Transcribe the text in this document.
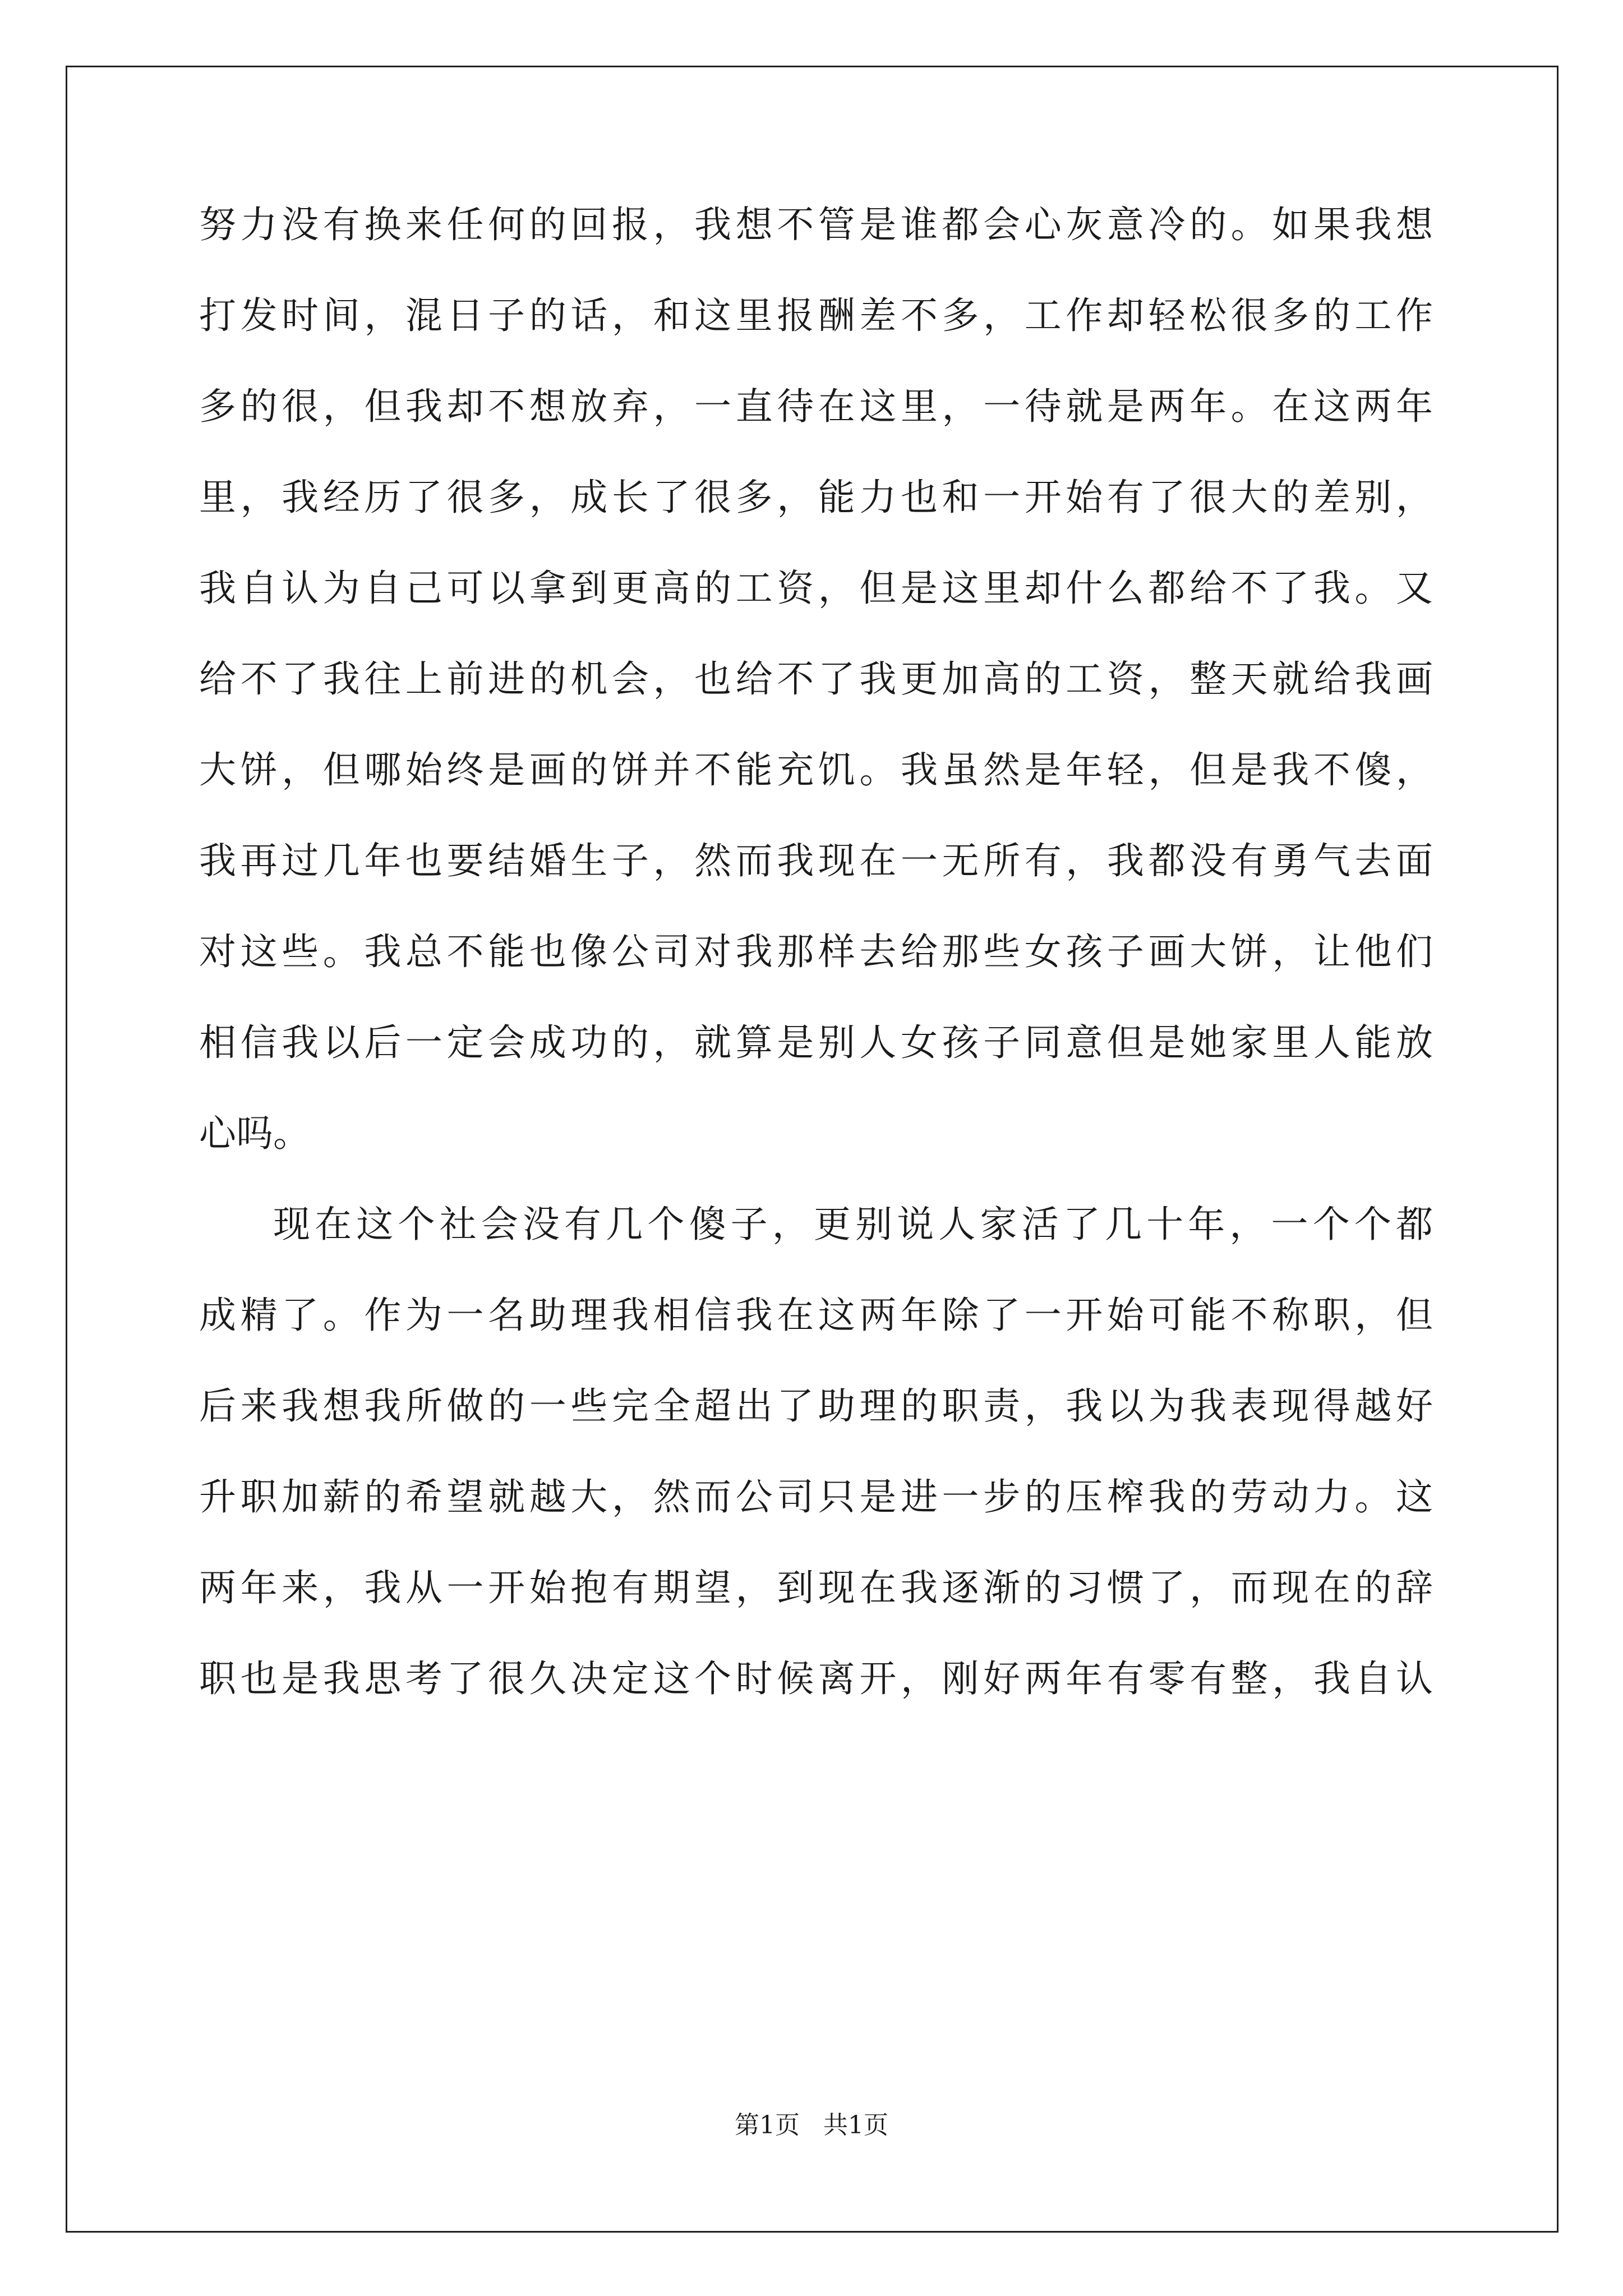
努力没有换来任何的回报，我想不管是谁都会心灰意冷的。如果我想
打发时间，混日子的话，和这里报酬差不多，工作却轻松很多的工作
多的很，但我却不想放弃，一直待在这里，一待就是两年。在这两年
里，我经历了很多，成长了很多，能力也和一开始有了很大的差别，
我自认为自己可以拿到更高的工资，但是这里却什么都给不了我。又
给不了我往上前进的机会，也给不了我更加高的工资，整天就给我画
大饼，但哪始终是画的饼并不能充饥。我虽然是年轻，但是我不傻，
我再过几年也要结婚生子，然而我现在一无所有，我都没有勇气去面
对这些。我总不能也像公司对我那样去给那些女孩子画大饼，让他们
相信我以后一定会成功的，就算是别人女孩子同意但是她家里人能放
心吗。
现在这个社会没有几个傻子，更别说人家活了几十年，一个个都
成精了。作为一名助理我相信我在这两年除了一开始可能不称职，但
后来我想我所做的一些完全超出了助理的职责，我以为我表现得越好
升职加薪的希望就越大，然而公司只是进一步的压榨我的劳动力。这
两年来，我从一开始抱有期望，到现在我逐渐的习惯了，而现在的辞
职也是我思考了很久决定这个时候离开，刚好两年有零有整，我自认
第1页   共1页
